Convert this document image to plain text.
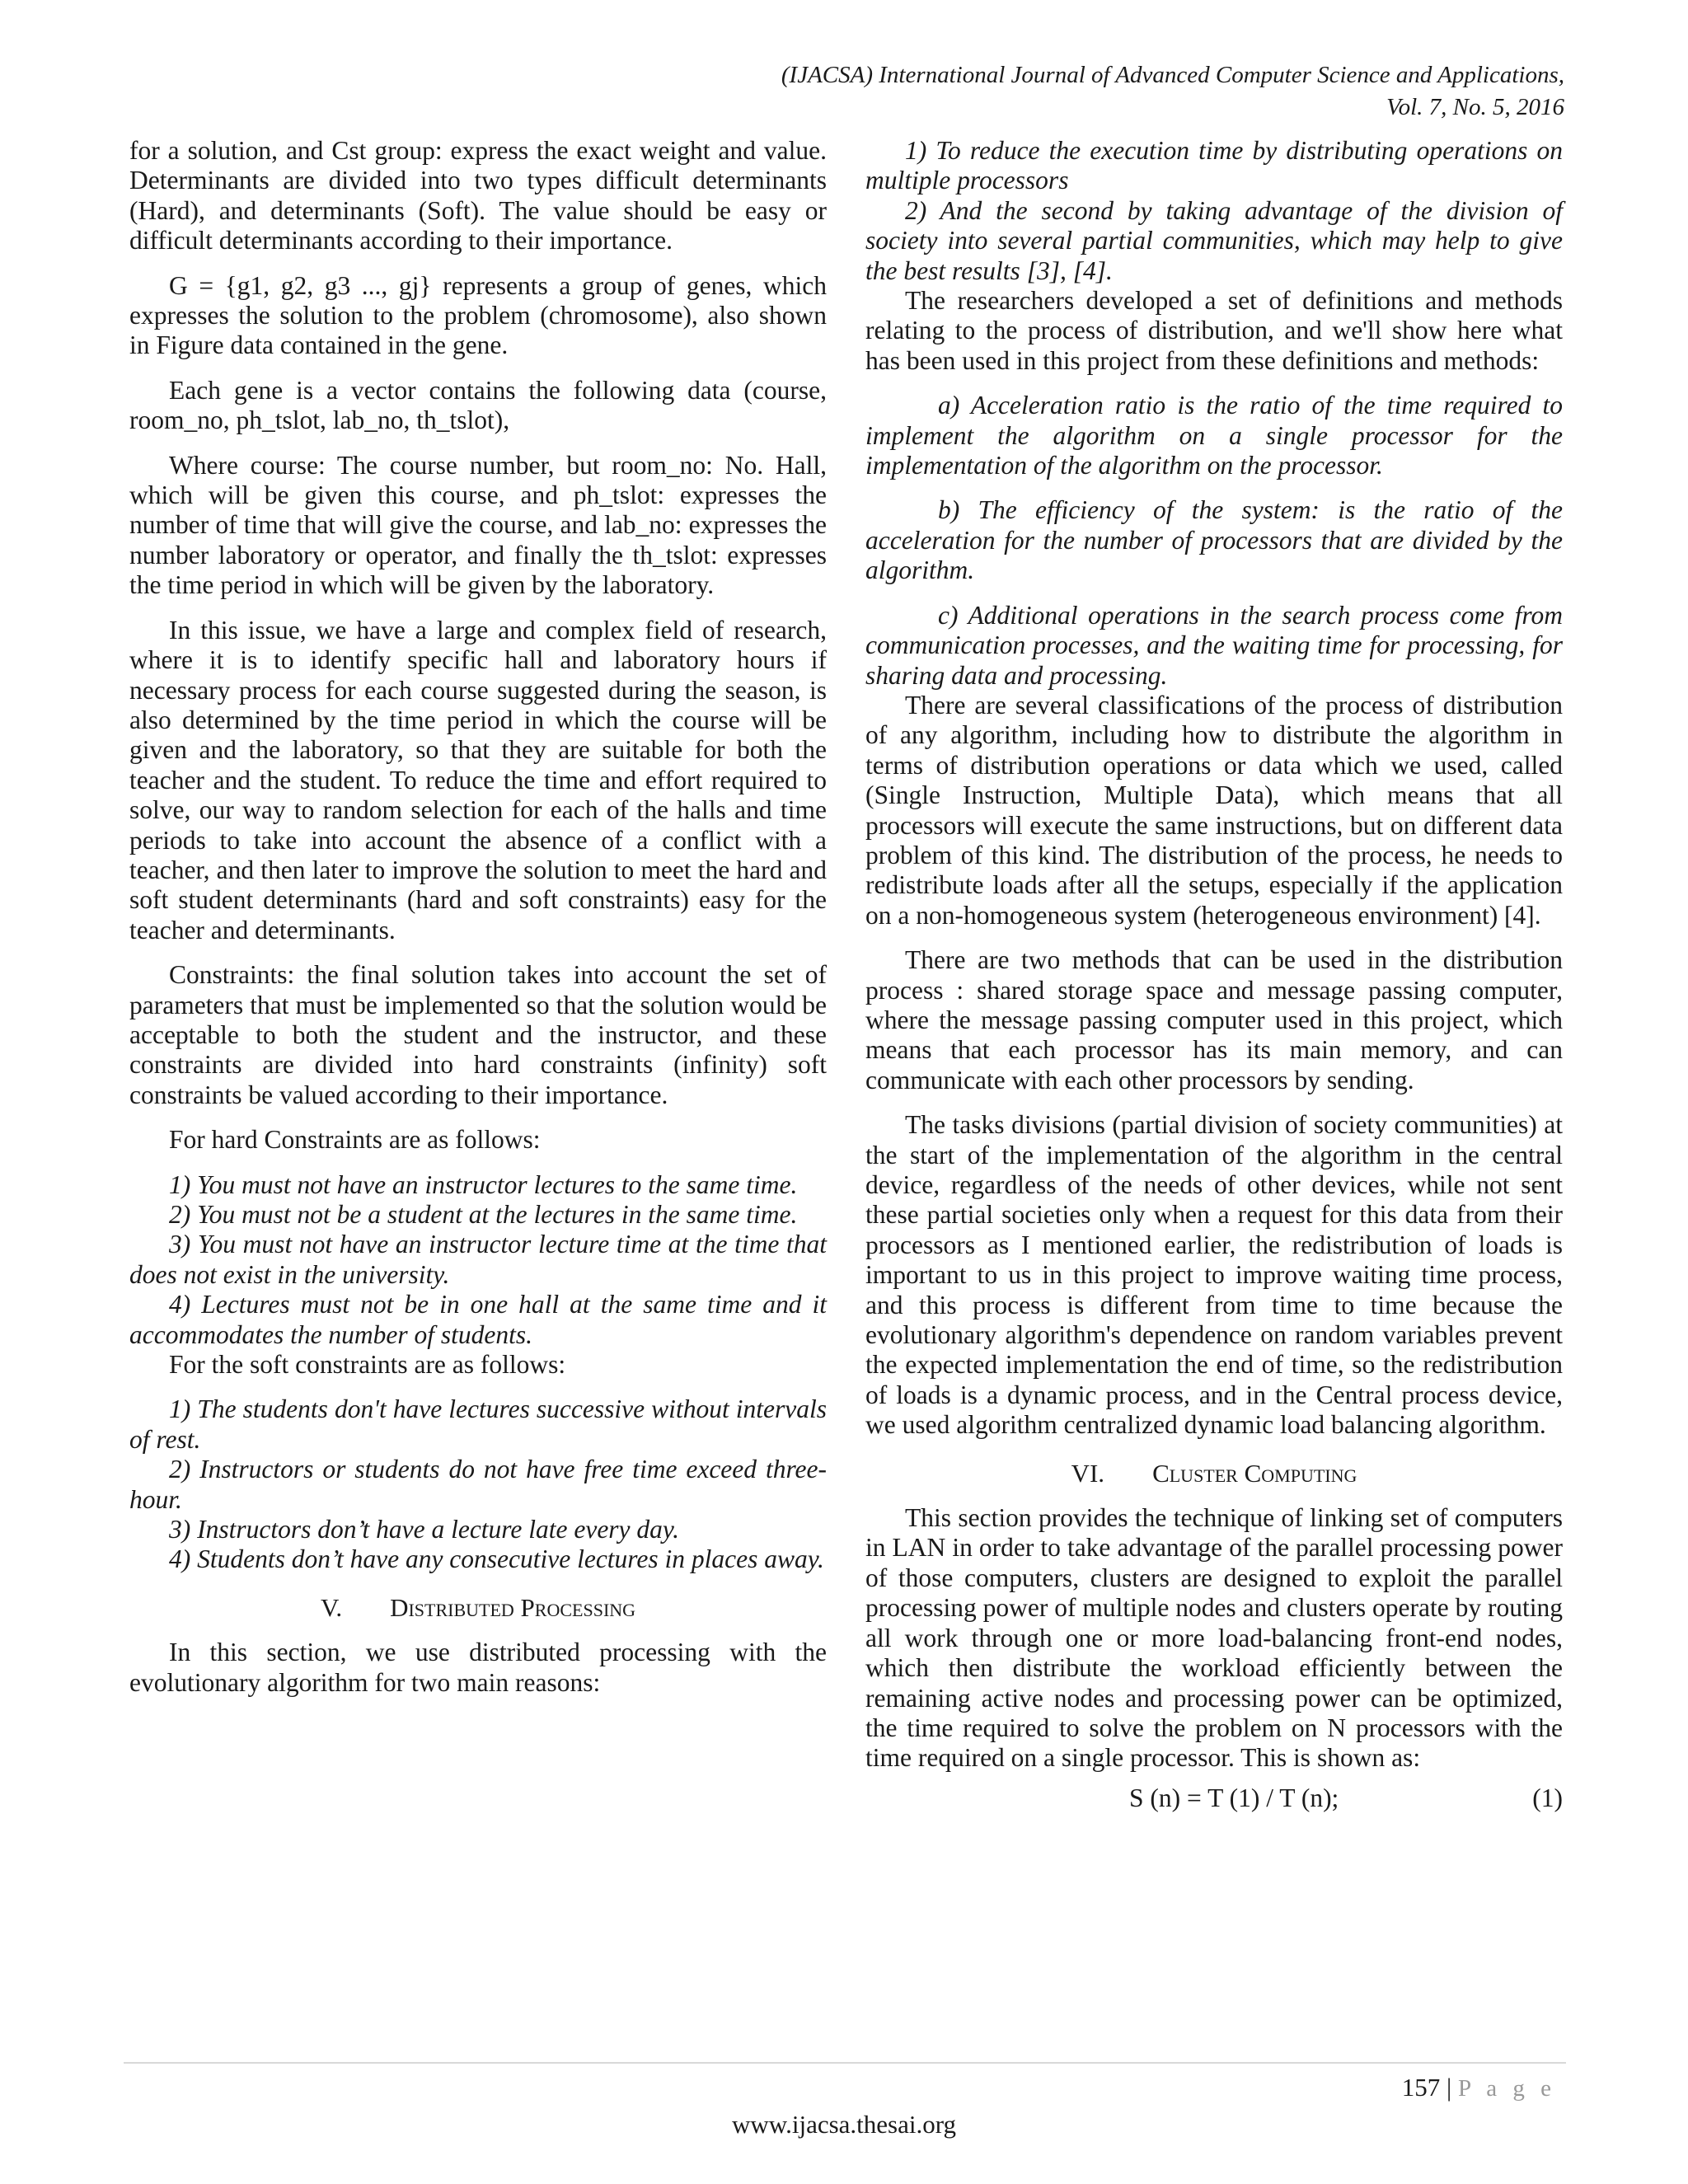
(IJACSA) International Journal of Advanced Computer Science and Applications,
Vol. 7, No. 5, 2016

for a solution, and Cst group: express the exact weight and value. Determinants are divided into two types difficult determinants (Hard), and determinants (Soft). The value should be easy or difficult determinants according to their importance.

G = {g1, g2, g3 ..., gj} represents a group of genes, which expresses the solution to the problem (chromosome), also shown in Figure data contained in the gene.

Each gene is a vector contains the following data (course, room_no, ph_tslot, lab_no, th_tslot),

Where course: The course number, but room_no: No. Hall, which will be given this course, and ph_tslot: expresses the number of time that will give the course, and lab_no: expresses the number laboratory or operator, and finally the th_tslot: expresses the time period in which will be given by the laboratory.

In this issue, we have a large and complex field of research, where it is to identify specific hall and laboratory hours if necessary process for each course suggested during the season, is also determined by the time period in which the course will be given and the laboratory, so that they are suitable for both the teacher and the student. To reduce the time and effort required to solve, our way to random selection for each of the halls and time periods to take into account the absence of a conflict with a teacher, and then later to improve the solution to meet the hard and soft student determinants (hard and soft constraints) easy for the teacher and determinants.

Constraints: the final solution takes into account the set of parameters that must be implemented so that the solution would be acceptable to both the student and the instructor, and these constraints are divided into hard constraints (infinity) soft constraints be valued according to their importance.

For hard Constraints are as follows:

1) You must not have an instructor lectures to the same time.

2) You must not be a student at the lectures in the same time.

3) You must not have an instructor lecture time at the time that does not exist in the university.

4) Lectures must not be in one hall at the same time and it accommodates the number of students.

For the soft constraints are as follows:

1) The students don't have lectures successive without intervals of rest.

2) Instructors or students do not have free time exceed three-hour.

3) Instructors don’t have a lecture late every day.

4) Students don’t have any consecutive lectures in places away.

V. Distributed Processing

In this section, we use distributed processing with the evolutionary algorithm for two main reasons:

1) To reduce the execution time by distributing operations on multiple processors

2) And the second by taking advantage of the division of society into several partial communities, which may help to give the best results [3], [4].

The researchers developed a set of definitions and methods relating to the process of distribution, and we'll show here what has been used in this project from these definitions and methods:

a) Acceleration ratio is the ratio of the time required to implement the algorithm on a single processor for the implementation of the algorithm on the processor.

b) The efficiency of the system: is the ratio of the acceleration for the number of processors that are divided by the algorithm.

c) Additional operations in the search process come from communication processes, and the waiting time for processing, for sharing data and processing.

There are several classifications of the process of distribution of any algorithm, including how to distribute the algorithm in terms of distribution operations or data which we used, called (Single Instruction, Multiple Data), which means that all processors will execute the same instructions, but on different data problem of this kind. The distribution of the process, he needs to redistribute loads after all the setups, especially if the application on a non-homogeneous system (heterogeneous environment) [4].

There are two methods that can be used in the distribution process : shared storage space and message passing computer, where the message passing computer used in this project, which means that each processor has its main memory, and can communicate with each other processors by sending.

The tasks divisions (partial division of society communities) at the start of the implementation of the algorithm in the central device, regardless of the needs of other devices, while not sent these partial societies only when a request for this data from their processors as I mentioned earlier, the redistribution of loads is important to us in this project to improve waiting time process, and this process is different from time to time because the evolutionary algorithm's dependence on random variables prevent the expected implementation the end of time, so the redistribution of loads is a dynamic process, and in the Central process device, we used algorithm centralized dynamic load balancing algorithm.

VI. Cluster Computing

This section provides the technique of linking set of computers in LAN in order to take advantage of the parallel processing power of those computers, clusters are designed to exploit the parallel processing power of multiple nodes and clusters operate by routing all work through one or more load-balancing front-end nodes, which then distribute the workload efficiently between the remaining active nodes and processing power can be optimized, the time required to solve the problem on N processors with the time required on a single processor. This is shown as:

S (n) = T (1) / T (n);	(1)
157 | P a g e
www.ijacsa.thesai.org
